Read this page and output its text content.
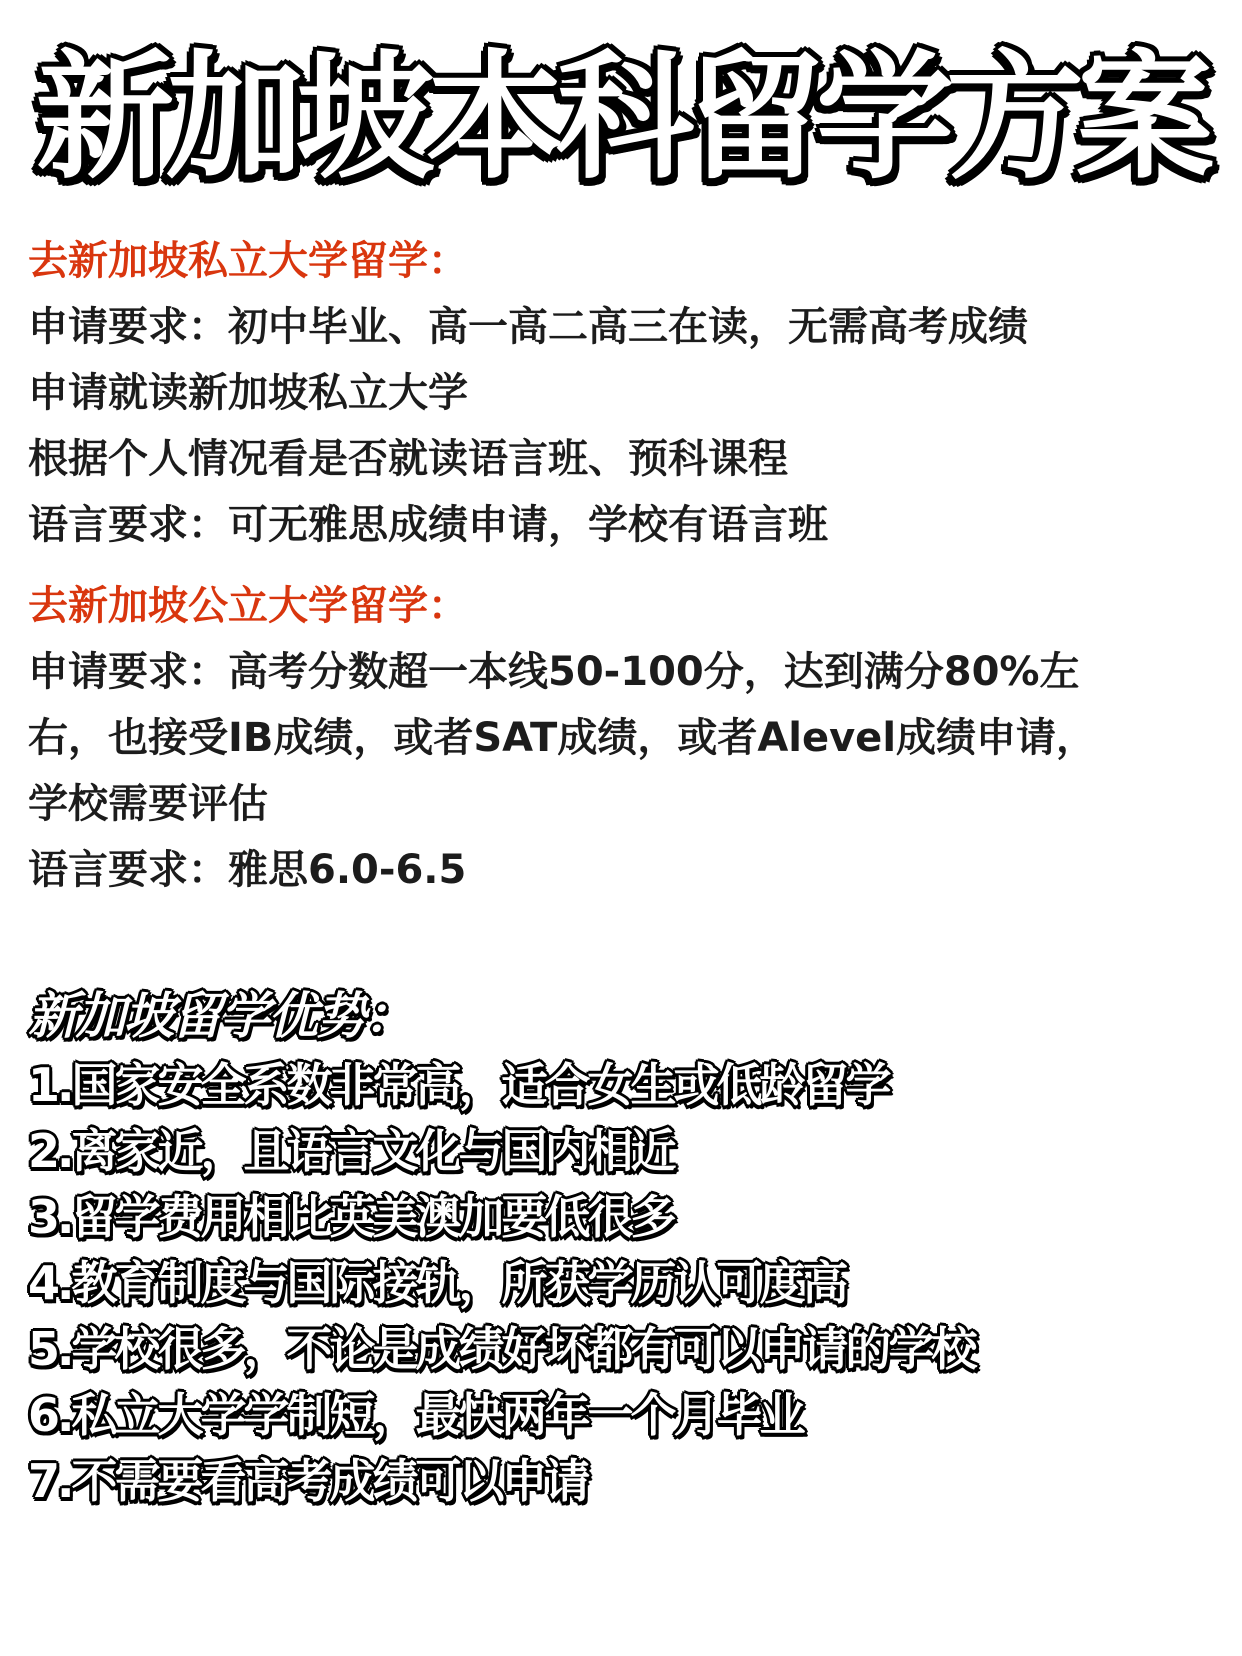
新加坡本科留学方案
去新加坡私立大学留学：
申请要求：初中毕业、高一高二高三在读，无需高考成绩
申请就读新加坡私立大学
根据个人情况看是否就读语言班、预科课程
语言要求：可无雅思成绩申请，学校有语言班
去新加坡公立大学留学：
申请要求：高考分数超一本线50-100分，达到满分80%左
右，也接受IB成绩，或者SAT成绩，或者Alevel成绩申请，
学校需要评估
语言要求：雅思6.0-6.5
新加坡留学优势：
1.国家安全系数非常高，适合女生或低龄留学
2.离家近，且语言文化与国内相近
3.留学费用相比英美澳加要低很多
4.教育制度与国际接轨，所获学历认可度高
5.学校很多，不论是成绩好坏都有可以申请的学校
6.私立大学学制短，最快两年一个月毕业
7.不需要看高考成绩可以申请
